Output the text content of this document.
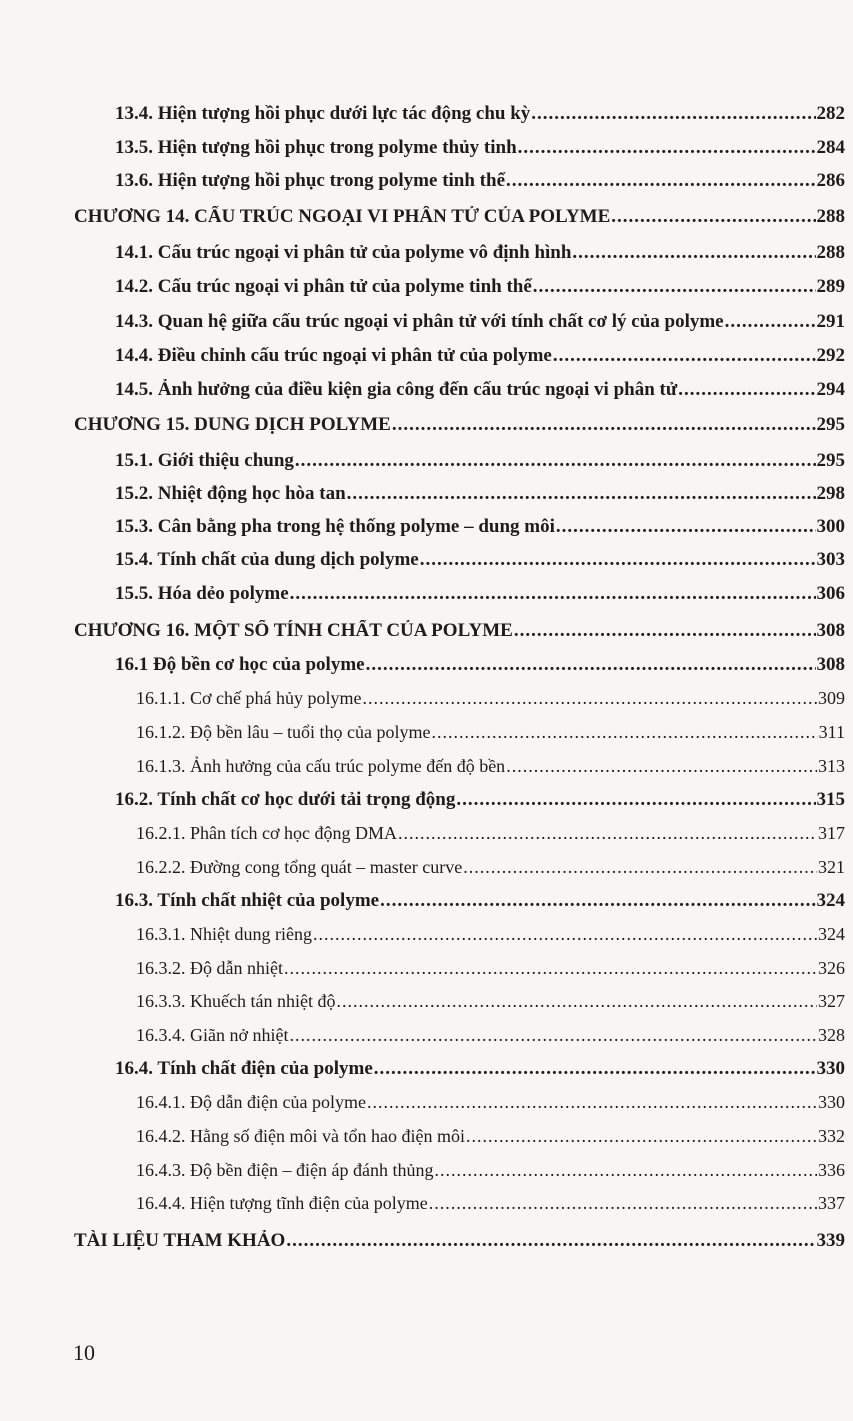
13.4. Hiện tượng hồi phục dưới lực tác động chu kỳ .....	282
13.5. Hiện tượng hồi phục trong polyme thủy tinh .....	284
13.6. Hiện tượng hồi phục trong polyme tinh thể .....	286
CHƯƠNG 14. CẤU TRÚC NGOẠI VI PHÂN TỬ CỦA POLYME .....	288
14.1. Cấu trúc ngoại vi phân tử của polyme vô định hình .....	288
14.2. Cấu trúc ngoại vi phân tử của polyme tinh thể .....	289
14.3. Quan hệ giữa cấu trúc ngoại vi phân tử với tính chất cơ lý của polyme .....	291
14.4. Điều chỉnh cấu trúc ngoại vi phân tử của polyme .....	292
14.5. Ảnh hưởng của điều kiện gia công đến cấu trúc ngoại vi phân tử .....	294
CHƯƠNG 15. DUNG DỊCH POLYME .....	295
15.1. Giới thiệu chung .....	295
15.2. Nhiệt động học hòa tan .....	298
15.3. Cân bằng pha trong hệ thống polyme – dung môi .....	300
15.4. Tính chất của dung dịch polyme .....	303
15.5. Hóa dẻo polyme .....	306
CHƯƠNG 16. MỘT SỐ TÍNH CHẤT CỦA POLYME .....	308
16.1 Độ bền cơ học của polyme .....	308
16.1.1. Cơ chế phá hủy polyme .....	309
16.1.2. Độ bền lâu – tuổi thọ của polyme .....	311
16.1.3. Ảnh hưởng của cấu trúc polyme đến độ bền .....	313
16.2. Tính chất cơ học dưới tải trọng động .....	315
16.2.1. Phân tích cơ học động DMA .....	317
16.2.2. Đường cong tổng quát – master curve .....	321
16.3. Tính chất nhiệt của polyme .....	324
16.3.1. Nhiệt dung riêng .....	324
16.3.2. Độ dẫn nhiệt .....	326
16.3.3. Khuếch tán nhiệt độ .....	327
16.3.4. Giãn nở nhiệt .....	328
16.4. Tính chất điện của polyme .....	330
16.4.1. Độ dẫn điện của polyme .....	330
16.4.2. Hằng số điện môi và tổn hao điện môi .....	332
16.4.3. Độ bền điện – điện áp đánh thủng .....	336
16.4.4. Hiện tượng tĩnh điện của polyme .....	337
TÀI LIỆU THAM KHẢO .....	339
10
